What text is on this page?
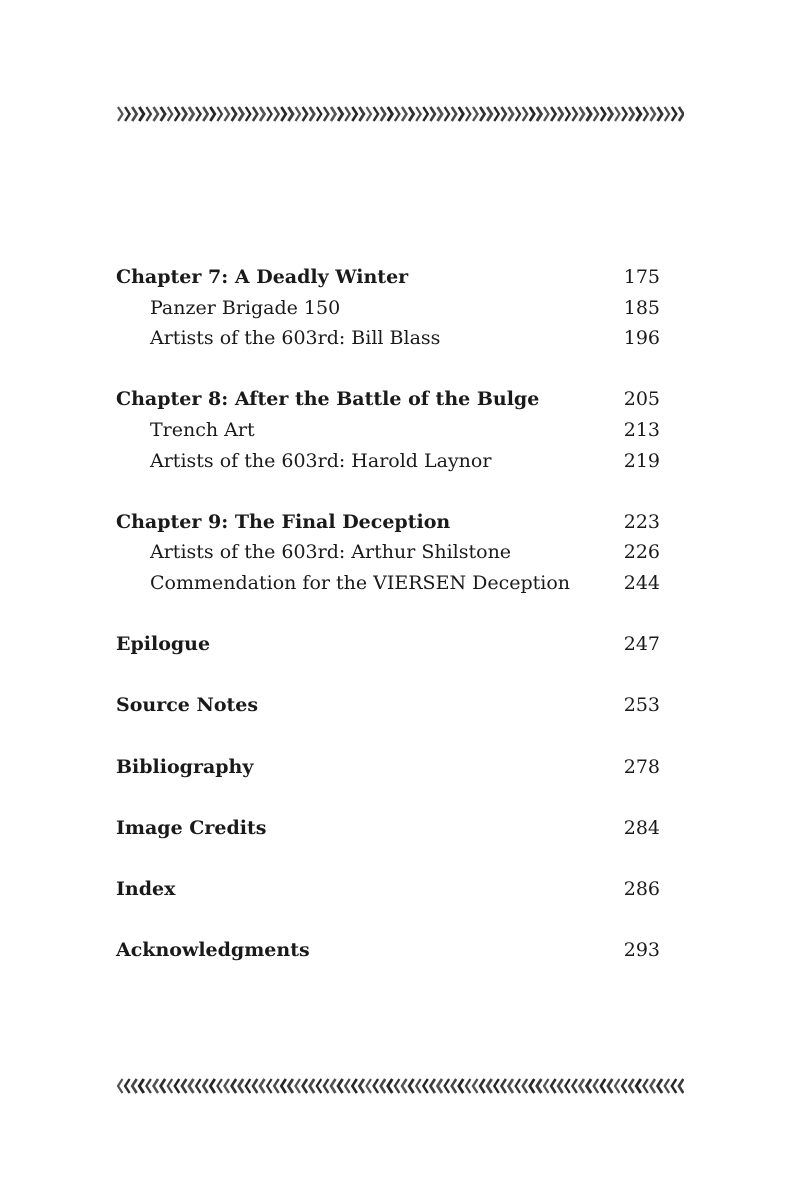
Chapter 7: A Deadly Winter	175
Panzer Brigade 150	185
Artists of the 603rd: Bill Blass	196
Chapter 8: After the Battle of the Bulge	205
Trench Art	213
Artists of the 603rd: Harold Laynor	219
Chapter 9: The Final Deception	223
Artists of the 603rd: Arthur Shilstone	226
Commendation for the VIERSEN Deception	244
Epilogue	247
Source Notes	253
Bibliography	278
Image Credits	284
Index	286
Acknowledgments	293
